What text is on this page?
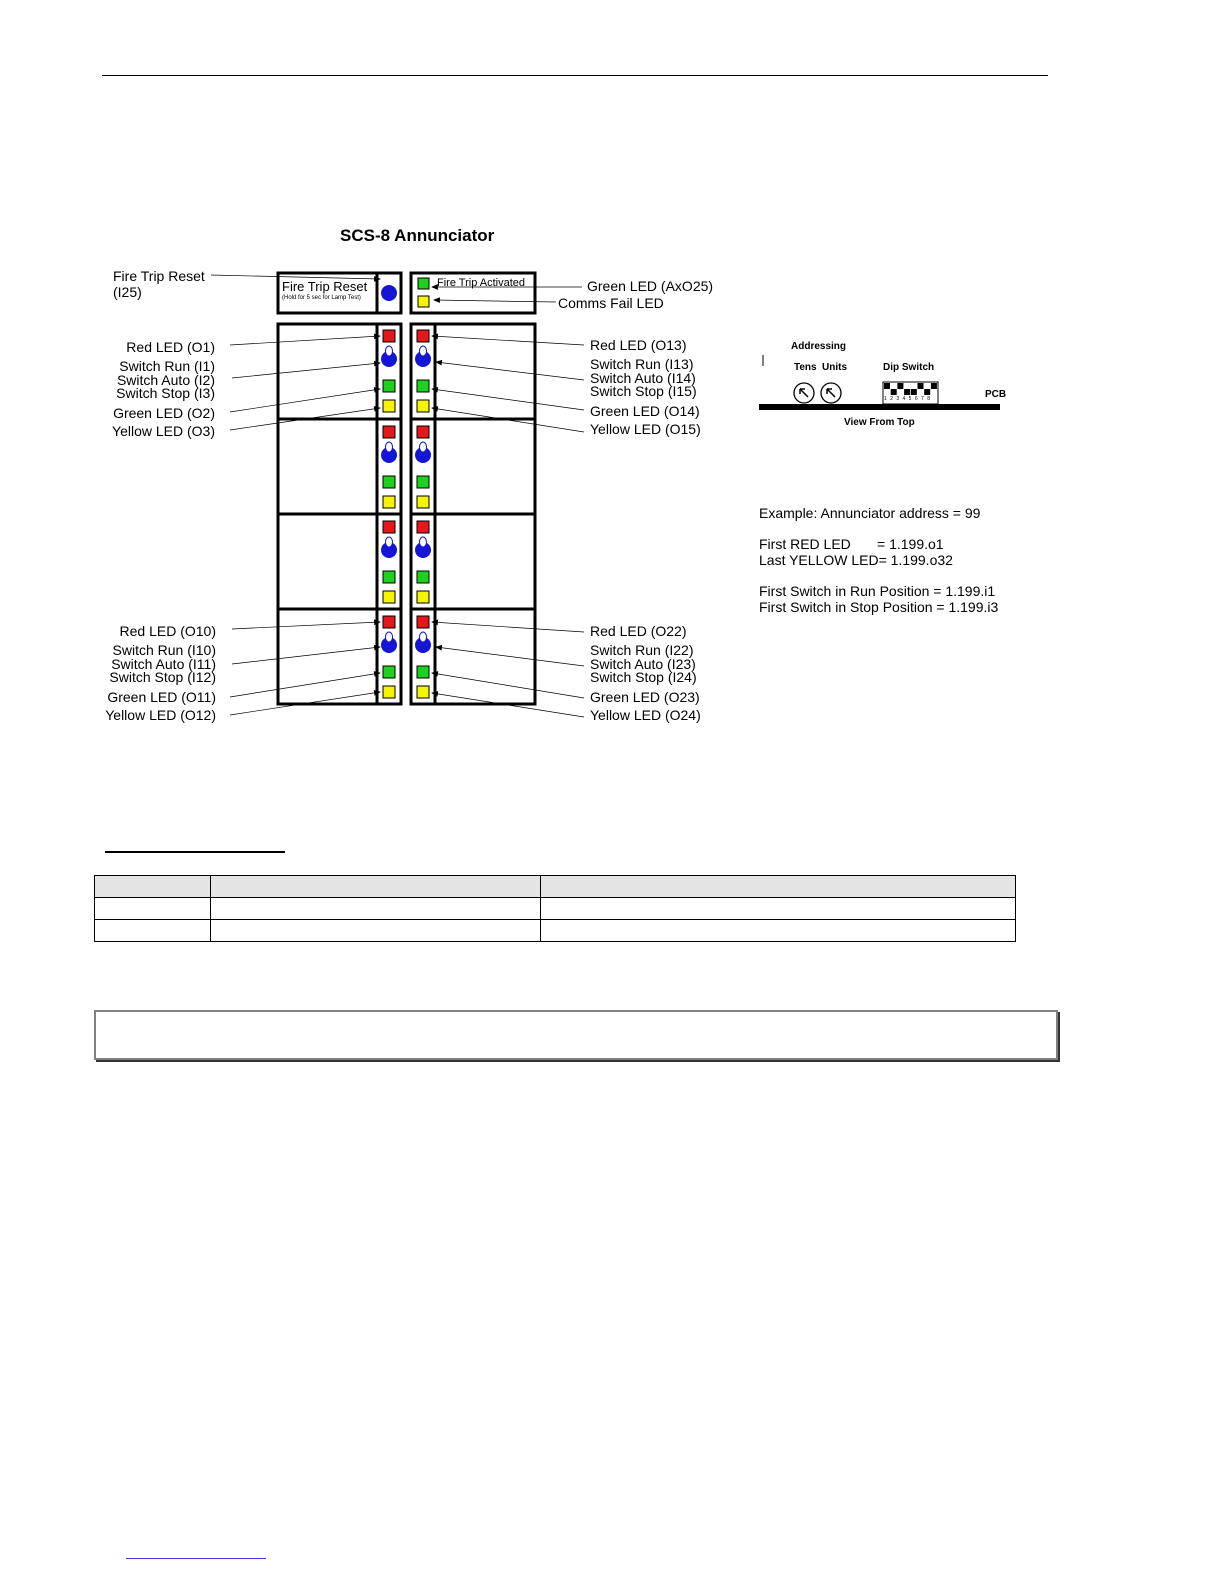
SCS-8 Annunciator
Fire Trip Reset
(Hold for 5 sec for Lamp Test)
Fire Trip Activated
Fire Trip Reset
(I25)
Red LED (O1)
Switch Run (I1)
Switch Auto (I2)
Switch Stop (I3)
Green LED (O2)
Yellow LED (O3)
Red LED (O10)
Switch Run (I10)
Switch Auto (I11)
Switch Stop (I12)
Green LED (O11)
Yellow LED (O12)
Green LED (AxO25)
Comms Fail LED
Red LED (O13)
Switch Run (I13)
Switch Auto (I14)
Switch Stop (I15)
Green LED (O14)
Yellow LED (O15)
Red LED (O22)
Switch Run (I22)
Switch Auto (I23)
Switch Stop (I24)
Green LED (O23)
Yellow LED (O24)
Addressing
Tens Units	Dip Switch
1 2 3 4 5 6 7 8	PCB
View From Top
Example: Annunciator address = 99
First RED LED = 1.199.o1
Last YELLOW LED= 1.199.o32
First Switch in Run Position = 1.199.i1
First Switch in Stop Position = 1.199.i3
